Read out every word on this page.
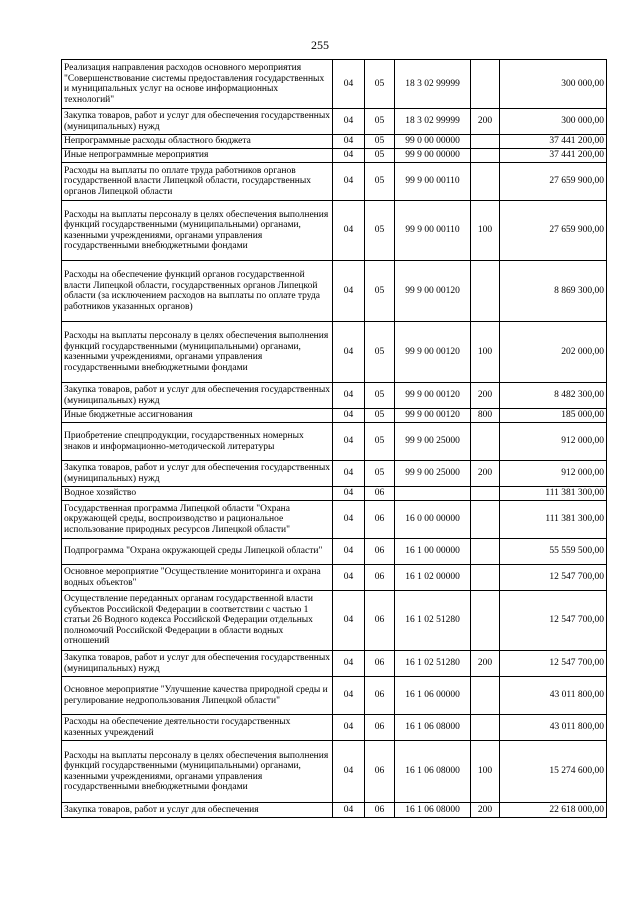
255
Реализация направления расходов основного мероприятия "Совершенствование системы предоставления государственных и муниципальных услуг на основе информационных технологий"	04	05	18 3 02 99999		300 000,00
Закупка товаров, работ и услуг для обеспечения государственных (муниципальных) нужд	04	05	18 3 02 99999	200	300 000,00
Непрограммные расходы областного бюджета	04	05	99 0 00 00000		37 441 200,00
Иные непрограммные мероприятия	04	05	99 9 00 00000		37 441 200,00
Расходы на выплаты по оплате труда работников органов государственной власти Липецкой области, государственных органов Липецкой области	04	05	99 9 00 00110		27 659 900,00
Расходы на выплаты персоналу в целях обеспечения выполнения функций государственными (муниципальными) органами, казенными учреждениями, органами управления государственными внебюджетными фондами	04	05	99 9 00 00110	100	27 659 900,00
Расходы на обеспечение функций органов государственной власти Липецкой области, государственных органов Липецкой области (за исключением расходов на выплаты по оплате труда работников указанных органов)	04	05	99 9 00 00120		8 869 300,00
Расходы на выплаты персоналу в целях обеспечения выполнения функций государственными (муниципальными) органами, казенными учреждениями, органами управления государственными внебюджетными фондами	04	05	99 9 00 00120	100	202 000,00
Закупка товаров, работ и услуг для обеспечения государственных (муниципальных) нужд	04	05	99 9 00 00120	200	8 482 300,00
Иные бюджетные ассигнования	04	05	99 9 00 00120	800	185 000,00
Приобретение спецпродукции, государственных номерных знаков и информационно-методической литературы	04	05	99 9 00 25000		912 000,00
Закупка товаров, работ и услуг для обеспечения государственных (муниципальных) нужд	04	05	99 9 00 25000	200	912 000,00
Водное хозяйство	04	06			111 381 300,00
Государственная программа Липецкой области "Охрана окружающей среды, воспроизводство и рациональное использование природных ресурсов Липецкой области"	04	06	16 0 00 00000		111 381 300,00
Подпрограмма "Охрана окружающей среды Липецкой области"	04	06	16 1 00 00000		55 559 500,00
Основное мероприятие "Осуществление мониторинга и охрана водных объектов"	04	06	16 1 02 00000		12 547 700,00
Осуществление переданных органам государственной власти субъектов Российской Федерации в соответствии с частью 1 статьи 26 Водного кодекса Российской Федерации отдельных полномочий Российской Федерации в области водных отношений	04	06	16 1 02 51280		12 547 700,00
Закупка товаров, работ и услуг для обеспечения государственных (муниципальных) нужд	04	06	16 1 02 51280	200	12 547 700,00
Основное мероприятие "Улучшение качества природной среды и регулирование недропользования Липецкой области"	04	06	16 1 06 00000		43 011 800,00
Расходы на обеспечение деятельности государственных казенных учреждений	04	06	16 1 06 08000		43 011 800,00
Расходы на выплаты персоналу в целях обеспечения выполнения функций государственными (муниципальными) органами, казенными учреждениями, органами управления государственными внебюджетными фондами	04	06	16 1 06 08000	100	15 274 600,00
Закупка товаров, работ и услуг для обеспечения	04	06	16 1 06 08000	200	22 618 000,00
